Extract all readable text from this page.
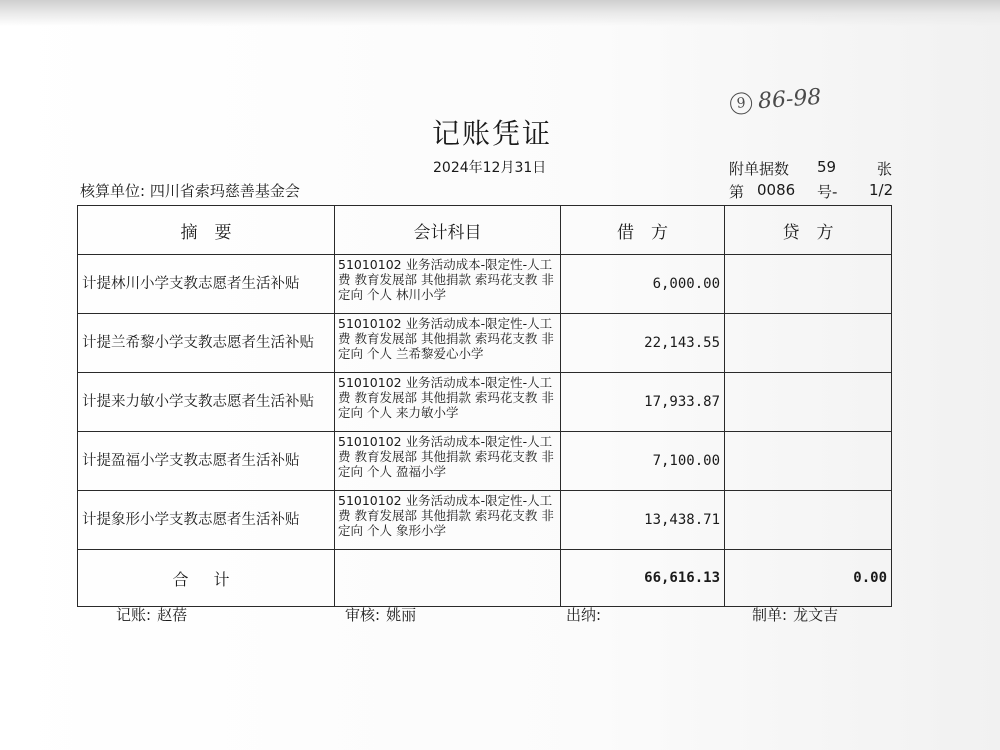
记账凭证
2024年12月31日
9 86-98
核算单位: 四川省索玛慈善基金会
附单据数 59	张
第 0086 号- 1/2
摘　要	会计科目	借　方	贷　方
计提林川小学支教志愿者生活补贴	51010102 业务活动成本-限定性-人工费 教育发展部 其他捐款 索玛花支教 非定向 个人 林川小学	6,000.00	
计提兰希黎小学支教志愿者生活补贴	51010102 业务活动成本-限定性-人工费 教育发展部 其他捐款 索玛花支教 非定向 个人 兰希黎爱心小学	22,143.55	
计提来力敏小学支教志愿者生活补贴	51010102 业务活动成本-限定性-人工费 教育发展部 其他捐款 索玛花支教 非定向 个人 来力敏小学	17,933.87	
计提盈福小学支教志愿者生活补贴	51010102 业务活动成本-限定性-人工费 教育发展部 其他捐款 索玛花支教 非定向 个人 盈福小学	7,100.00	
计提象形小学支教志愿者生活补贴	51010102 业务活动成本-限定性-人工费 教育发展部 其他捐款 索玛花支教 非定向 个人 象形小学	13,438.71	
合 计		66,616.13	0.00
记账: 赵蓓	审核: 姚丽	出纳:	制单: 龙文吉
